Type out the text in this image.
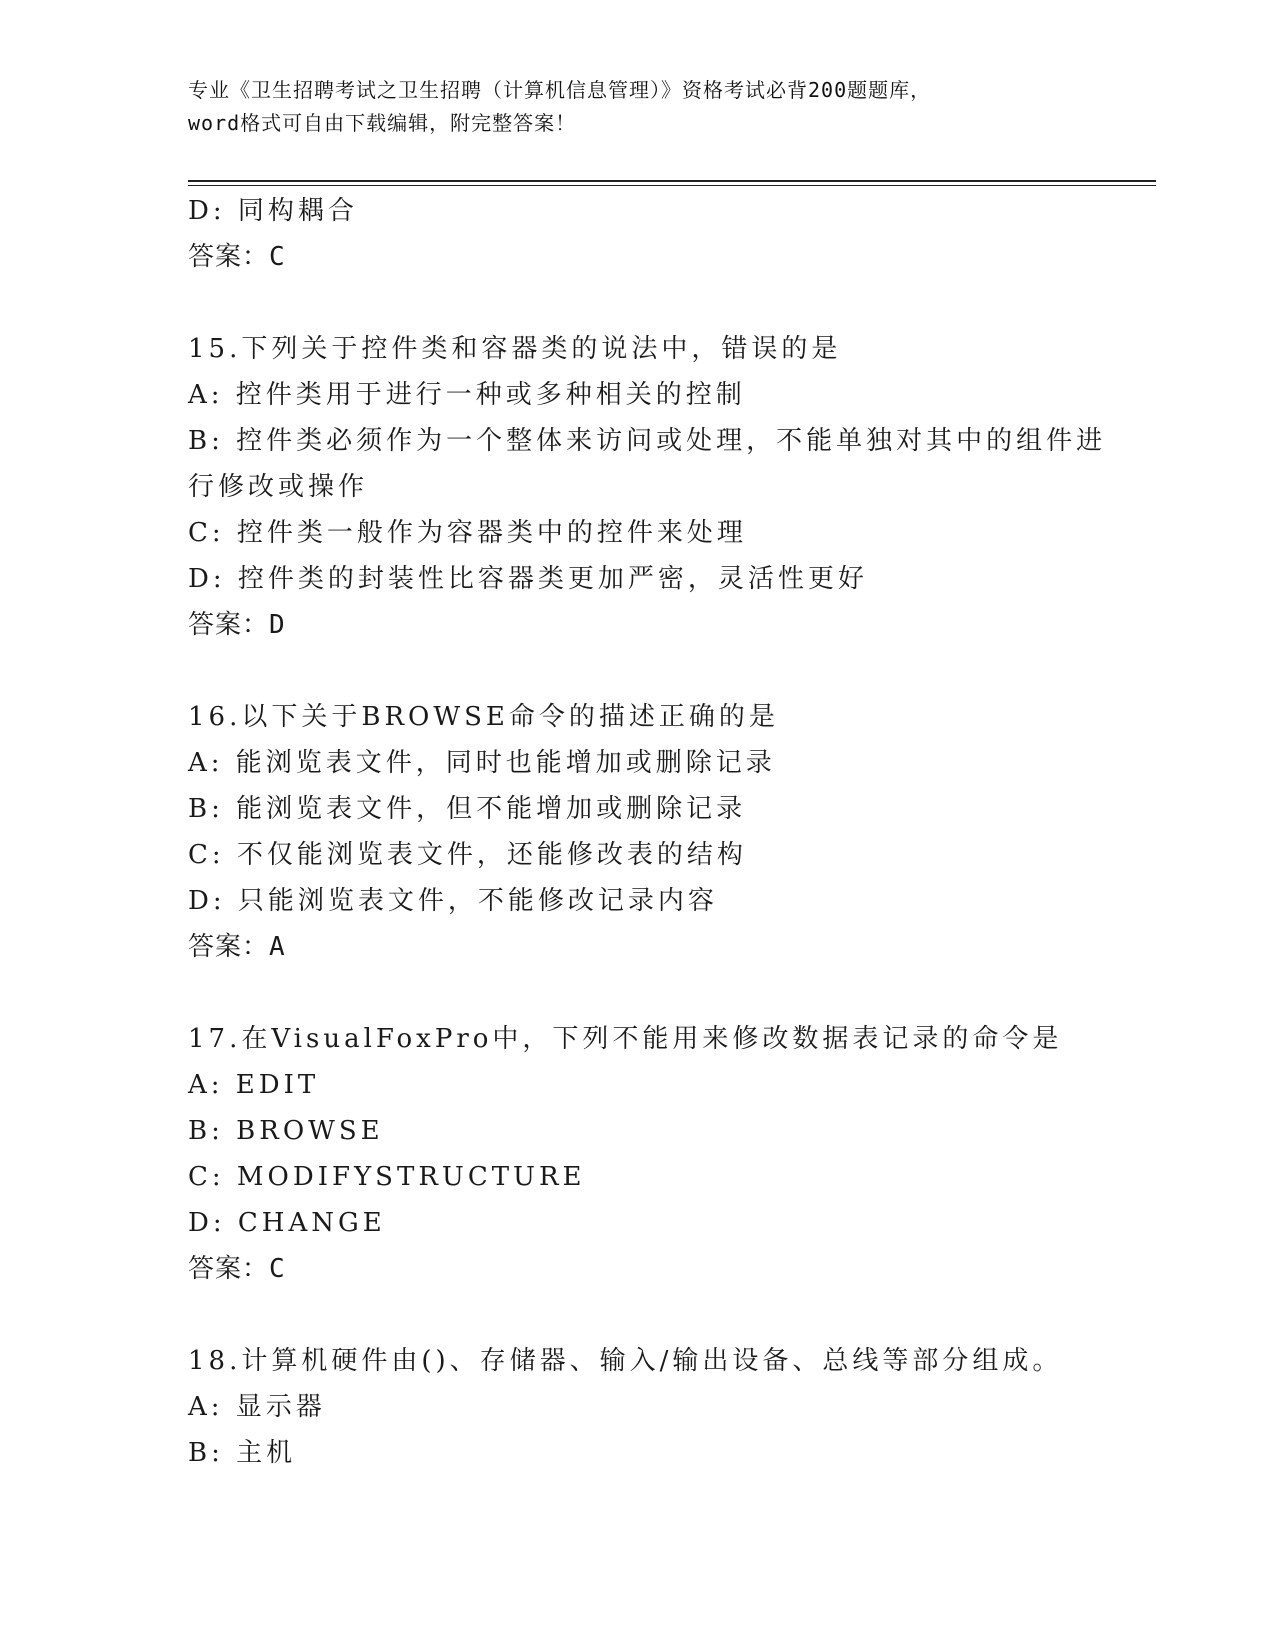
专业《卫生招聘考试之卫生招聘（计算机信息管理）》资格考试必背200题题库，
word格式可自由下载编辑，附完整答案！
D: 同构耦合
答案：C
15.下列关于控件类和容器类的说法中，错误的是
A: 控件类用于进行一种或多种相关的控制
B: 控件类必须作为一个整体来访问或处理，不能单独对其中的组件进
行修改或操作
C: 控件类一般作为容器类中的控件来处理
D: 控件类的封装性比容器类更加严密，灵活性更好
答案：D
16.以下关于BROWSE命令的描述正确的是
A: 能浏览表文件，同时也能增加或删除记录
B: 能浏览表文件，但不能增加或删除记录
C: 不仅能浏览表文件，还能修改表的结构
D: 只能浏览表文件，不能修改记录内容
答案：A
17.在VisualFoxPro中，下列不能用来修改数据表记录的命令是
A: EDIT
B: BROWSE
C: MODIFYSTRUCTURE
D: CHANGE
答案：C
18.计算机硬件由()、存储器、输入/输出设备、总线等部分组成。
A: 显示器
B: 主机
